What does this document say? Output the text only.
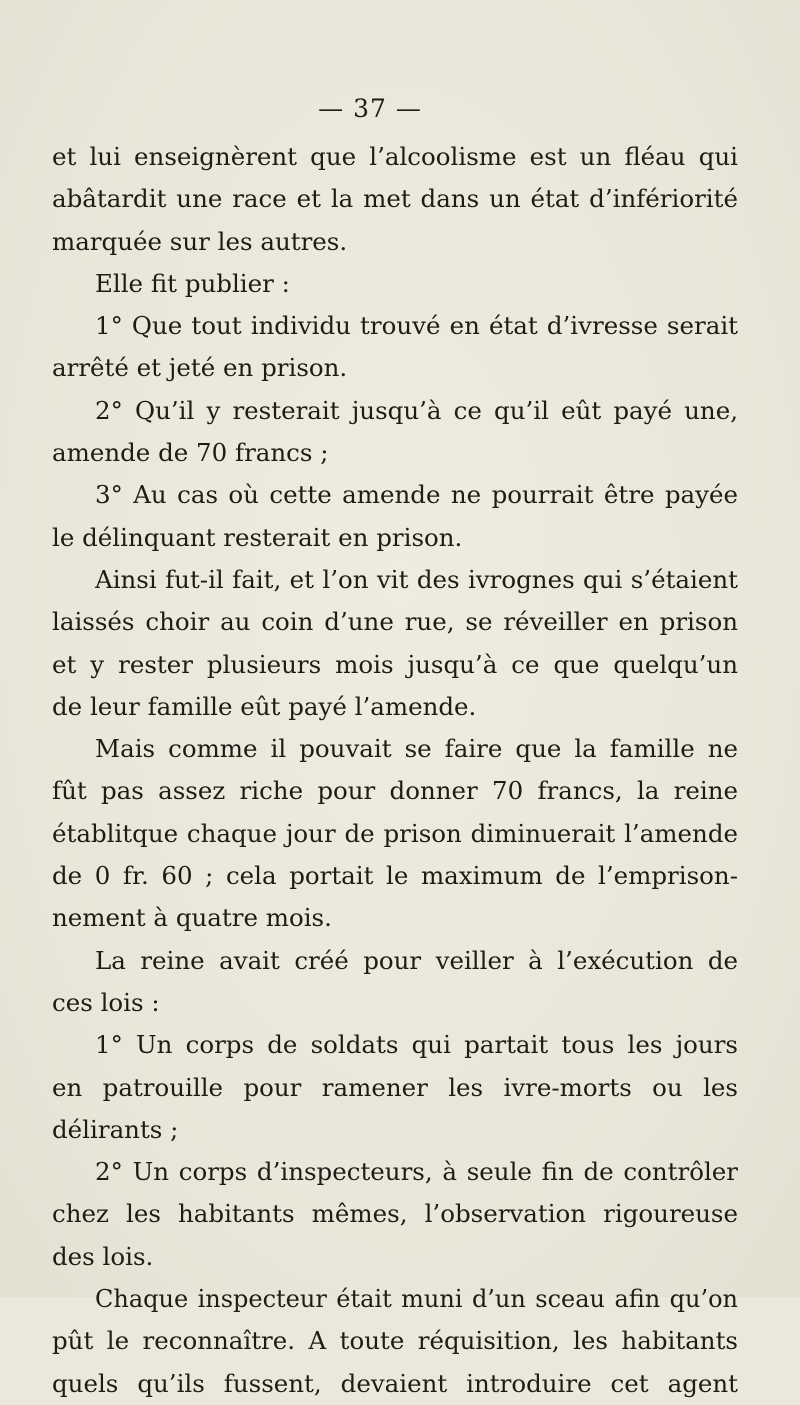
— 37 —
et lui enseignèrent que l’alcoolisme est un fléau qui
abâtardit une race et la met dans un état d’infériorité
marquée sur les autres.
Elle fit publier :
1° Que tout individu trouvé en état d’ivresse serait
arrêté et jeté en prison.
2° Qu’il y resterait jusqu’à ce qu’il eût payé une,
amende de 70 francs ;
3° Au cas où cette amende ne pourrait être payée
le délinquant resterait en prison.
Ainsi fut-il fait, et l’on vit des ivrognes qui s’étaient
laissés choir au coin d’une rue, se réveiller en prison
et y rester plusieurs mois jusqu’à ce que quelqu’un
de leur famille eût payé l’amende.
Mais comme il pouvait se faire que la famille ne
fût pas assez riche pour donner 70 francs, la reine
établitque chaque jour de prison diminuerait l’amende
de 0 fr. 60 ; cela portait le maximum de l’emprison-
nement à quatre mois.
La reine avait créé pour veiller à l’exécution de
ces lois :
1° Un corps de soldats qui partait tous les jours
en patrouille pour ramener les ivre-morts ou les
délirants ;
2° Un corps d’inspecteurs, à seule fin de contrôler
chez les habitants mêmes, l’observation rigoureuse
des lois.
Chaque inspecteur était muni d’un sceau afin qu’on
pût le reconnaître. A toute réquisition, les habitants
quels qu’ils fussent, devaient introduire cet agent
